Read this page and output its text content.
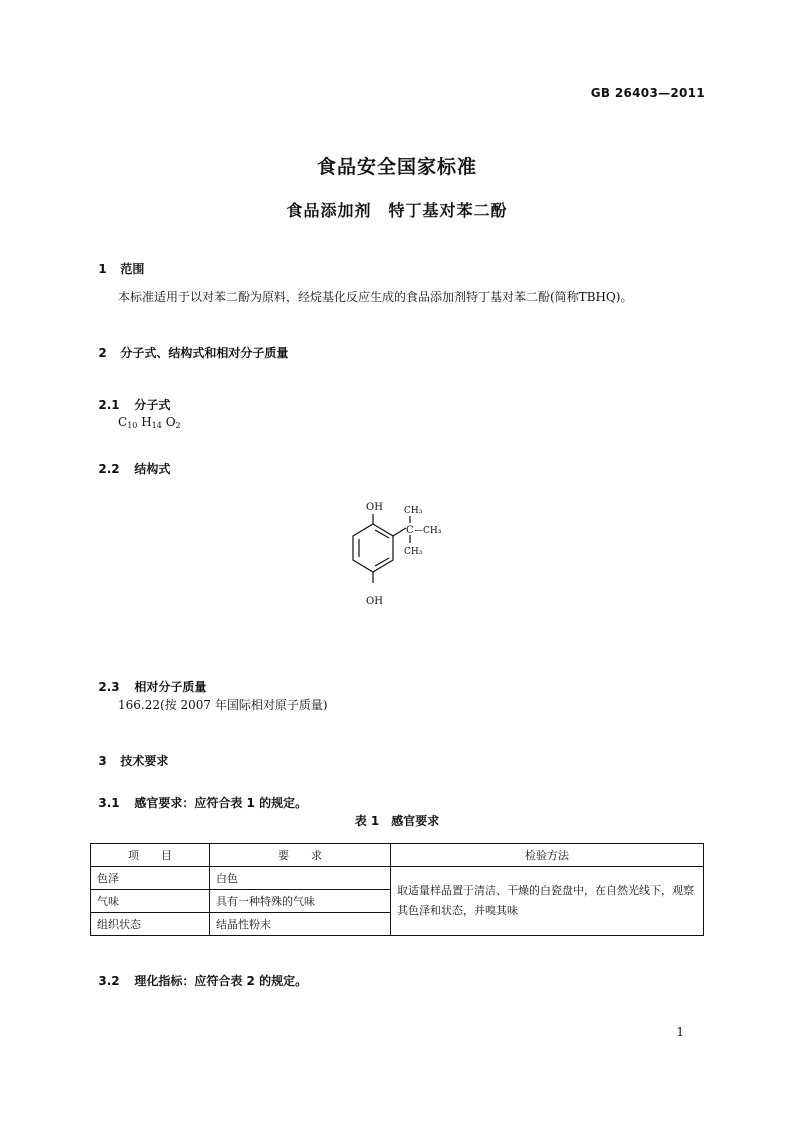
GB 26403—2011
食品安全国家标准
食品添加剂　特丁基对苯二酚

1 范围

本标准适用于以对苯二酚为原料，经烷基化反应生成的食品添加剂特丁基对苯二酚(简称TBHQ)。

2 分子式、结构式和相对分子质量

2.1 分子式

$C_{10}$ $H_{14}$ $O_2$

2.2 结构式

OH
OH
CH₃
C —CH₃
CH₃

2.3 相对分子质量

166.22(按 2007 年国际相对原子质量)

3 技术要求

3.1 感官要求：应符合表 1 的规定。

表 1　感官要求
项　　目	要　　求	检验方法
色泽	白色	取适量样品置于清洁、干燥的白瓷盘中，在自然光线下，观察其色泽和状态，并嗅其味
气味	具有一种特殊的气味	
组织状态	结晶性粉末	

3.2 理化指标：应符合表 2 的规定。

1
